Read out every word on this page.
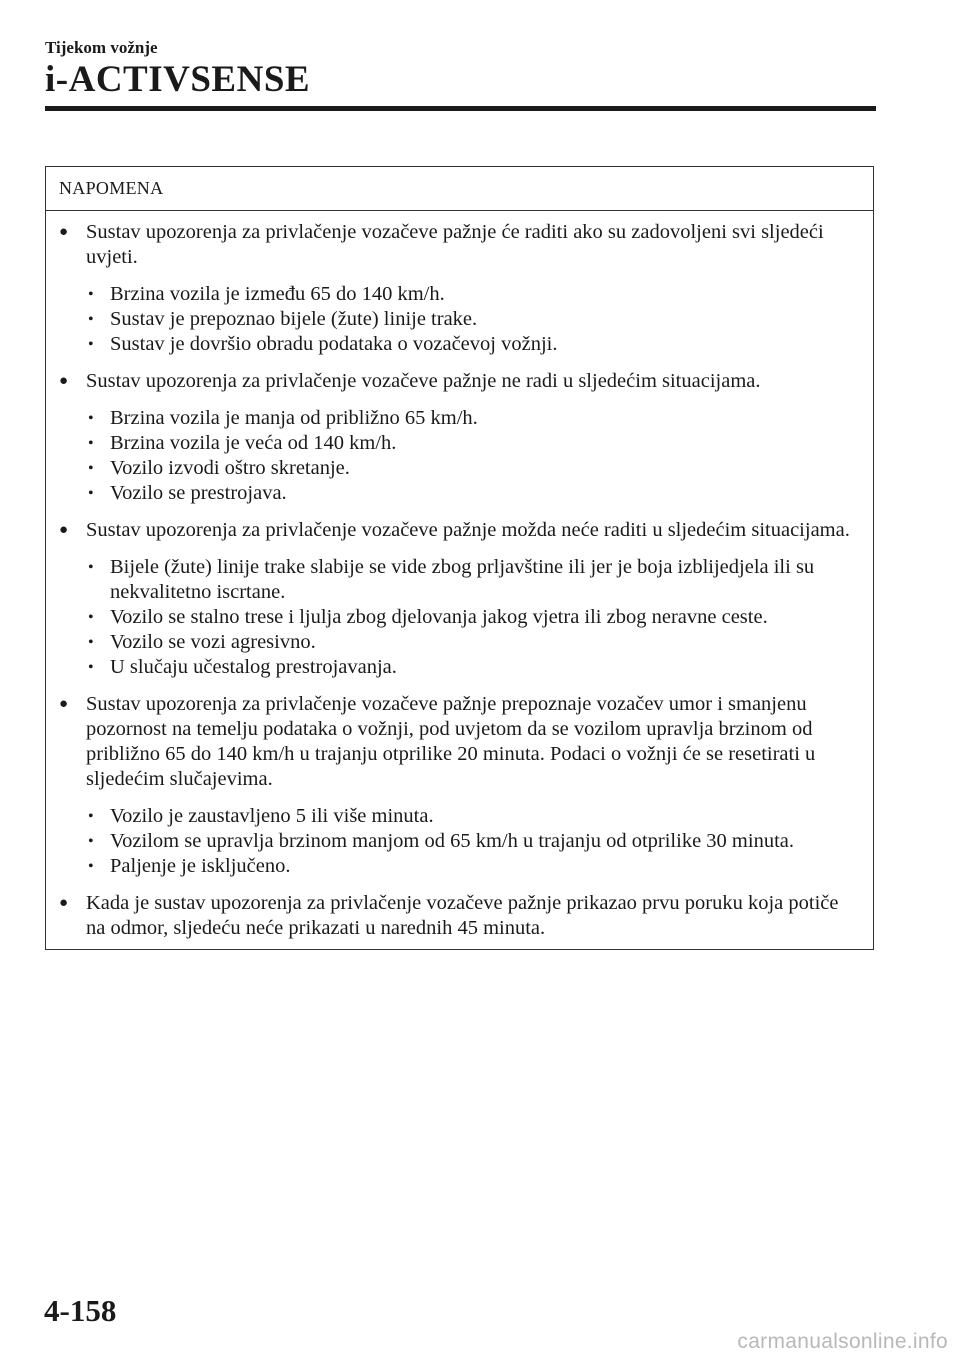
Tijekom vožnje
i-ACTIVSENSE
NAPOMENA
● Sustav upozorenja za privlačenje vozačeve pažnje će raditi ako su zadovoljeni svi sljedeći uvjeti.
• Brzina vozila je između 65 do 140 km/h.
• Sustav je prepoznao bijele (žute) linije trake.
• Sustav je dovršio obradu podataka o vozačevoj vožnji.
● Sustav upozorenja za privlačenje vozačeve pažnje ne radi u sljedećim situacijama.
• Brzina vozila je manja od približno 65 km/h.
• Brzina vozila je veća od 140 km/h.
• Vozilo izvodi oštro skretanje.
• Vozilo se prestrojava.
● Sustav upozorenja za privlačenje vozačeve pažnje možda neće raditi u sljedećim situacijama.
• Bijele (žute) linije trake slabije se vide zbog prljavštine ili jer je boja izblijedjela ili su nekvalitetno iscrtane.
• Vozilo se stalno trese i ljulja zbog djelovanja jakog vjetra ili zbog neravne ceste.
• Vozilo se vozi agresivno.
• U slučaju učestalog prestrojavanja.
● Sustav upozorenja za privlačenje vozačeve pažnje prepoznaje vozačev umor i smanjenu pozornost na temelju podataka o vožnji, pod uvjetom da se vozilom upravlja brzinom od približno 65 do 140 km/h u trajanju otprilike 20 minuta. Podaci o vožnji će se resetirati u sljedećim slučajevima.
• Vozilo je zaustavljeno 5 ili više minuta.
• Vozilom se upravlja brzinom manjom od 65 km/h u trajanju od otprilike 30 minuta.
• Paljenje je isključeno.
● Kada je sustav upozorenja za privlačenje vozačeve pažnje prikazao prvu poruku koja potiče na odmor, sljedeću neće prikazati u narednih 45 minuta.
4-158
carmanualsonline.info
